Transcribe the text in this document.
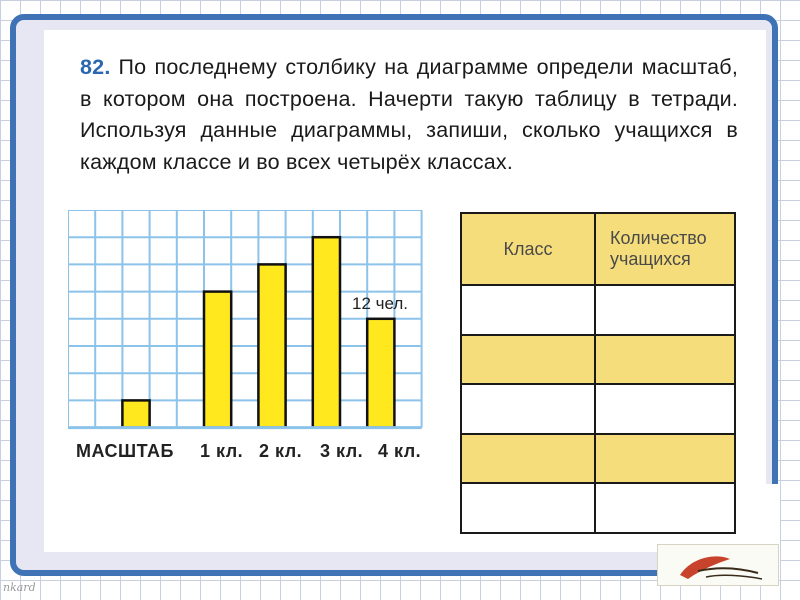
82. По последнему столбику на диаграмме определи масштаб, в котором она построена. Начерти такую таблицу в тетради. Используя данные диаграммы, запиши, сколько учащихся в каждом классе и во всех четырёх классах.
МАСШТАБ 1 кл. 2 кл. 3 кл. 4 кл.
12 чел.
Класс	Количество учащихся

nkard
